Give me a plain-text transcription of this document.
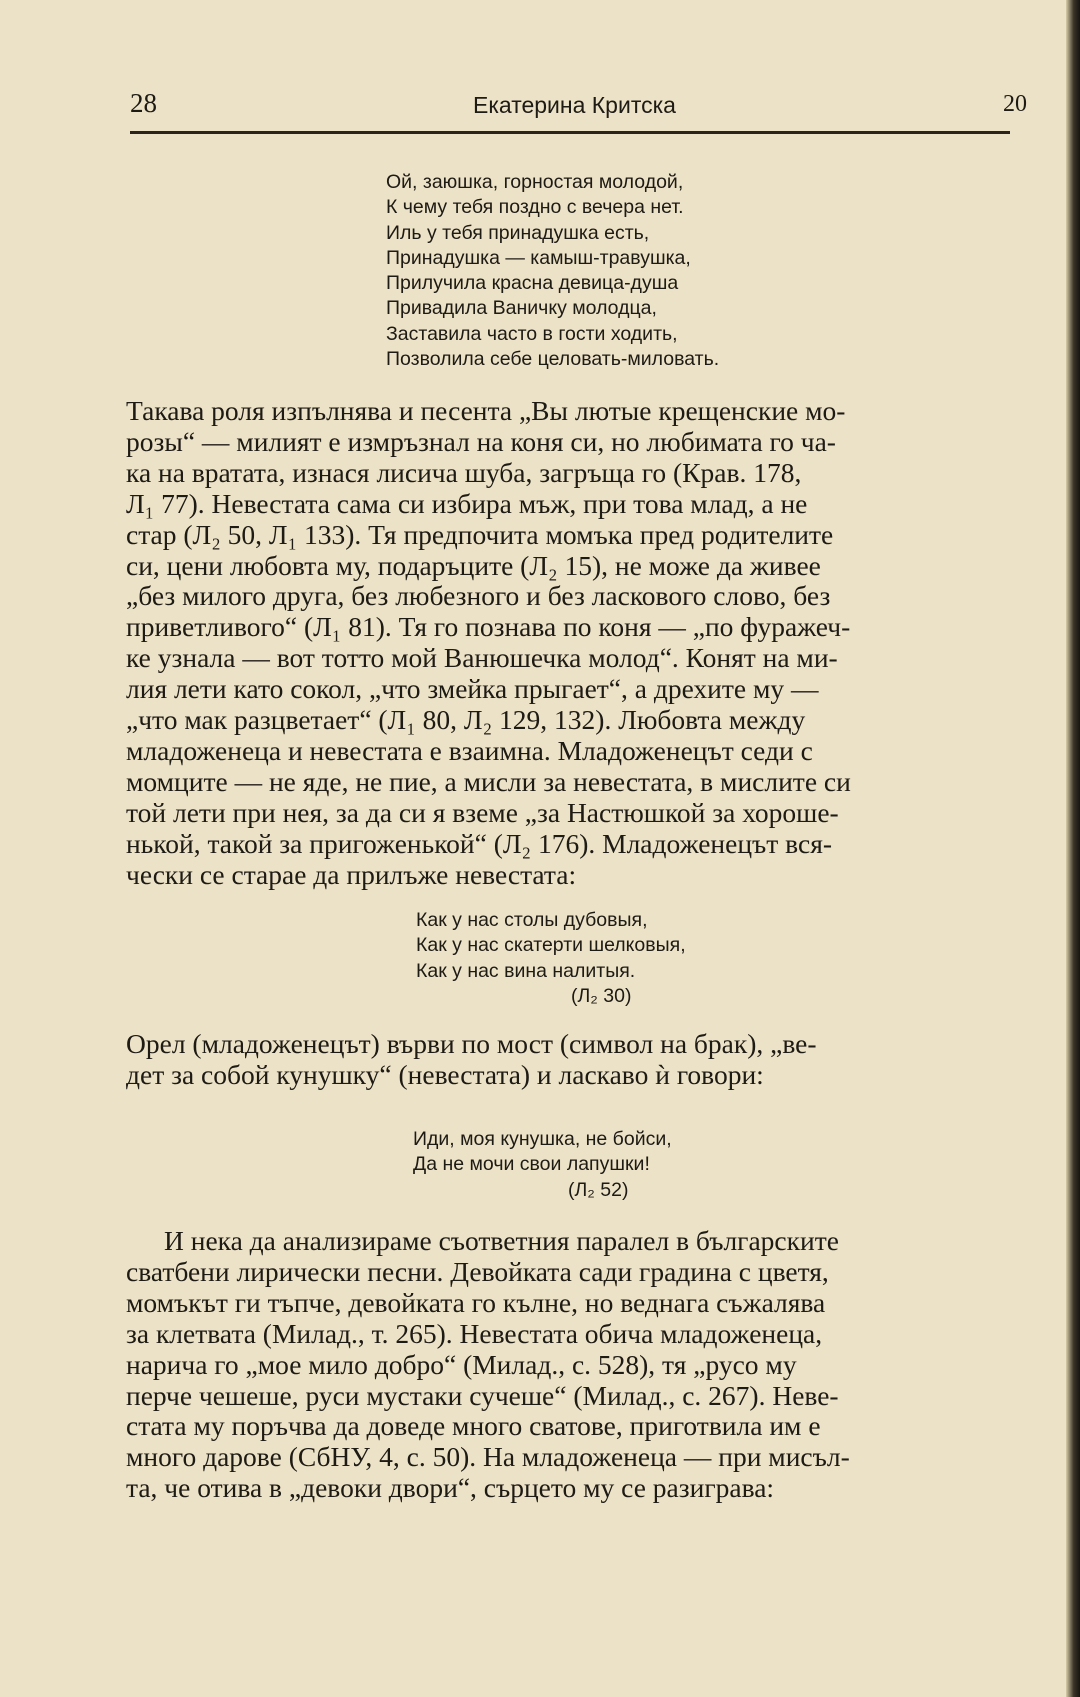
28	Екатерина Критска	20
Ой, заюшка, горностая молодой,
К чему тебя поздно с вечера нет.
Иль у тебя принадушка есть,
Принадушка — камыш-травушка,
Прилучила красна девица-душа
Привадила Ваничку молодца,
Заставила часто в гости ходить,
Позволила себе целовать-миловать.
Такава роля изпълнява и песента „Вы лютые крещенские мо-
розы“ — милият е измръзнал на коня си, но любимата го ча-
ка на вратата, изнася лисича шуба, загръща го (Крав. 178,
Л₁ 77). Невестата сама си избира мъж, при това млад, а не
стар (Л₂ 50, Л₁ 133). Тя предпочита момъка пред родителите
си, цени любовта му, подаръците (Л₂ 15), не може да живее
„без милого друга, без любезного и без ласкового слово, без
приветливого“ (Л₁ 81). Тя го познава по коня — „по фуражеч-
ке узнала — вот тотто мой Ванюшечка молод“. Конят на ми-
лия лети като сокол, „что змейка прыгает“, а дрехите му —
„что мак разцветает“ (Л₁ 80, Л₂ 129, 132). Любовта между
младоженеца и невестата е взаимна. Младоженецът седи с
момците — не яде, не пие, а мисли за невестата, в мислите си
той лети при нея, за да си я вземе „за Настюшкой за хороше-
нькой, такой за пригоженькой“ (Л₂ 176). Младоженецът вся-
чески се старае да прилъже невестата:
Как у нас столы дубовыя,
Как у нас скатерти шелковыя,
Как у нас вина налитыя.
(Л₂ 30)
Орел (младоженецът) върви по мост (символ на брак), „ве-
дет за собой кунушку“ (невестата) и ласкаво ѝ говори:
Иди, моя кунушка, не бойси,
Да не мочи свои лапушки!
(Л₂ 52)
И нека да анализираме съответния паралел в българските
сватбени лирически песни. Девойката сади градина с цветя,
момъкът ги тъпче, девойката го кълне, но веднага съжалява
за клетвата (Милад., т. 265). Невестата обича младоженеца,
нарича го „мое мило добро“ (Милад., с. 528), тя „русо му
перче чешеше, руси мустаки сучеше“ (Милад., с. 267). Неве-
стата му поръчва да доведе много сватове, приготвила им е
много дарове (СбНУ, 4, с. 50). На младоженеца — при мисъл-
та, че отива в „девоки двори“, сърцето му се разиграва:
